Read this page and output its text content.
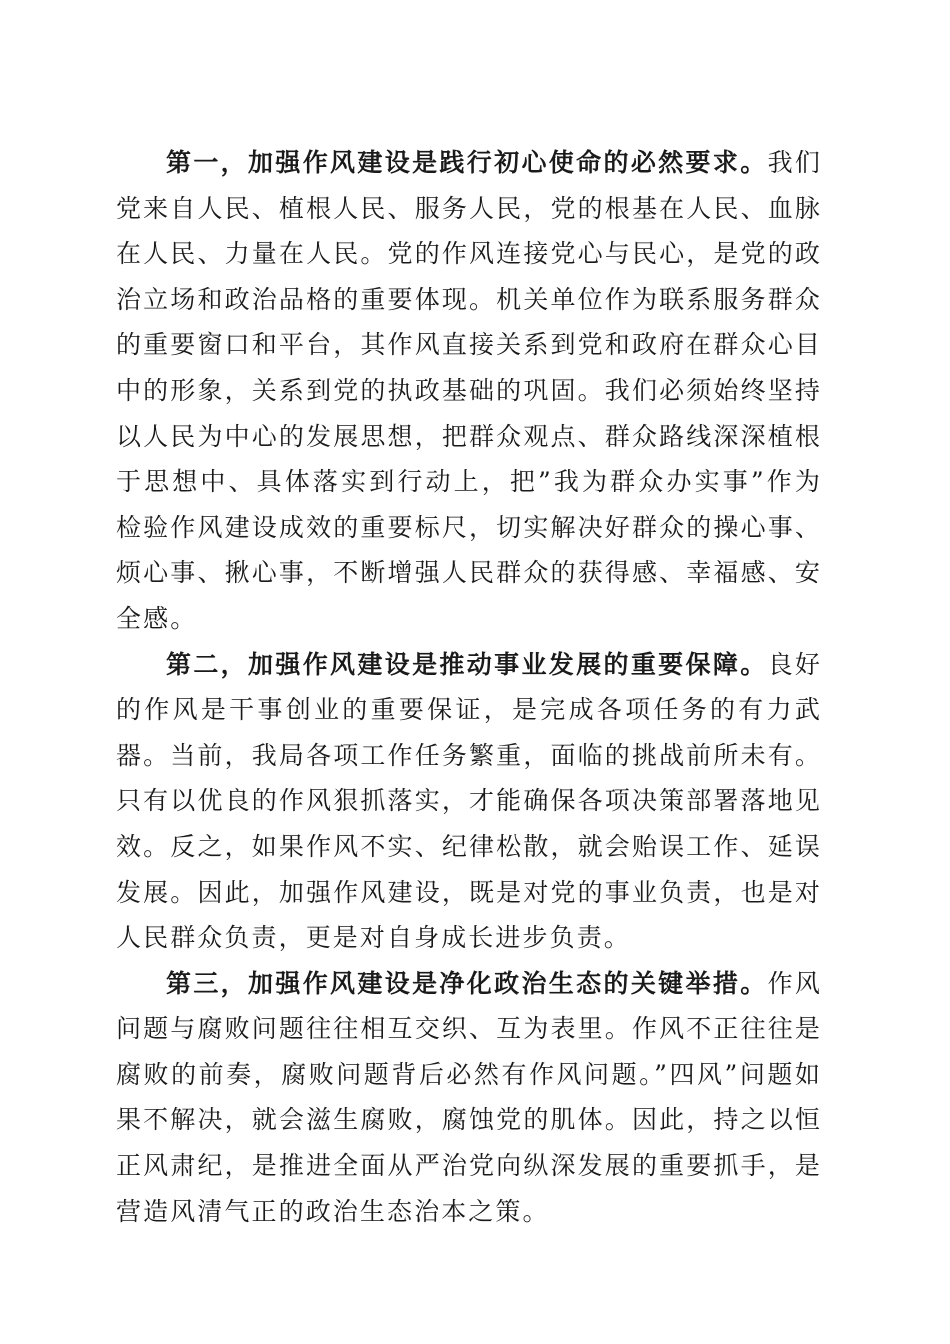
第一，加强作风建设是践行初心使命的必然要求。我们党来自人民、植根人民、服务人民，党的根基在人民、血脉在人民、力量在人民。党的作风连接党心与民心，是党的政治立场和政治品格的重要体现。机关单位作为联系服务群众的重要窗口和平台，其作风直接关系到党和政府在群众心目中的形象，关系到党的执政基础的巩固。我们必须始终坚持以人民为中心的发展思想，把群众观点、群众路线深深植根于思想中、具体落实到行动上，把”我为群众办实事”作为检验作风建设成效的重要标尺，切实解决好群众的操心事、烦心事、揪心事，不断增强人民群众的获得感、幸福感、安全感。

第二，加强作风建设是推动事业发展的重要保障。良好的作风是干事创业的重要保证，是完成各项任务的有力武器。当前，我局各项工作任务繁重，面临的挑战前所未有。只有以优良的作风狠抓落实，才能确保各项决策部署落地见效。反之，如果作风不实、纪律松散，就会贻误工作、延误发展。因此，加强作风建设，既是对党的事业负责，也是对人民群众负责，更是对自身成长进步负责。

第三，加强作风建设是净化政治生态的关键举措。作风问题与腐败问题往往相互交织、互为表里。作风不正往往是腐败的前奏，腐败问题背后必然有作风问题。”四风”问题如果不解决，就会滋生腐败，腐蚀党的肌体。因此，持之以恒正风肃纪，是推进全面从严治党向纵深发展的重要抓手，是营造风清气正的政治生态治本之策。
